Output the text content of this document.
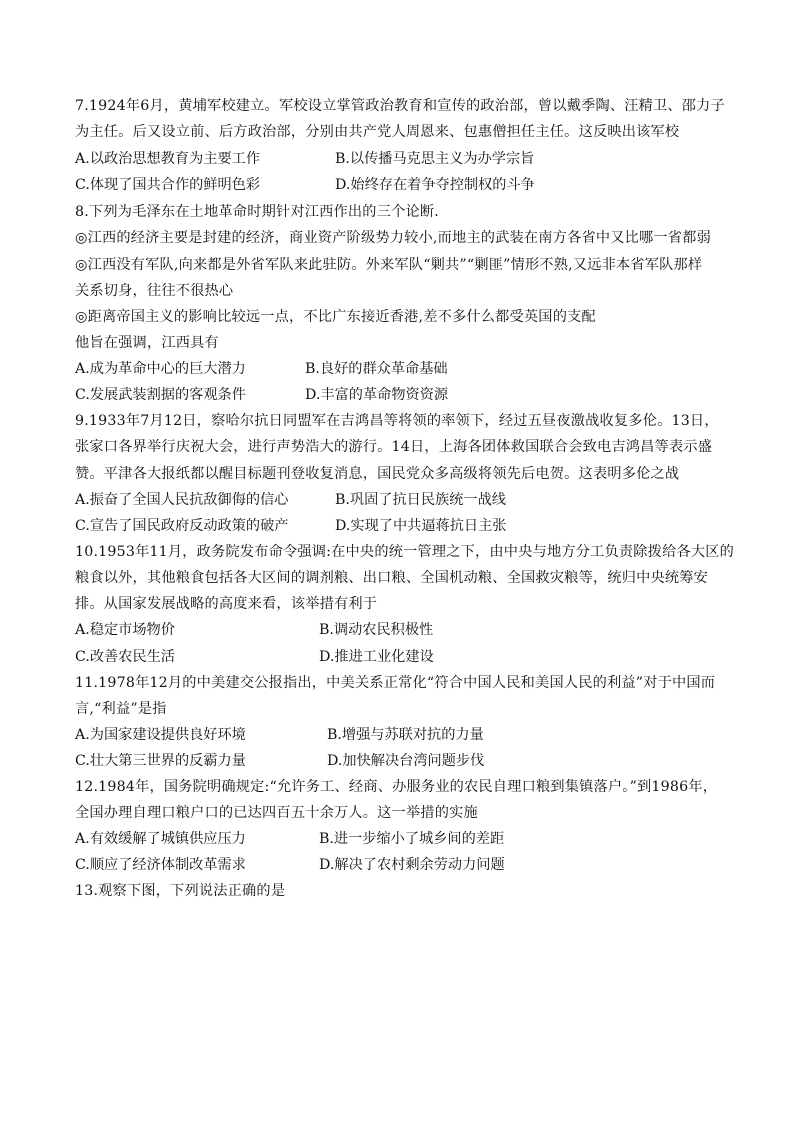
7.1924年6月，黄埔军校建立。军校设立掌管政治教育和宣传的政治部，曾以戴季陶、汪精卫、邵力子
为主任。后又设立前、后方政治部，分别由共产党人周恩来、包惠僧担任主任。这反映出该军校
A.以政治思想教育为主要工作	B.以传播马克思主义为办学宗旨
C.体现了国共合作的鲜明色彩	D.始终存在着争夺控制权的斗争
8.下列为毛泽东在土地革命时期针对江西作出的三个论断.
◎江西的经济主要是封建的经济，商业资产阶级势力较小,而地主的武装在南方各省中又比哪一省都弱
◎江西没有军队,向来都是外省军队来此驻防。外来军队“剿共”“剿匪”情形不熟,又远非本省军队那样
关系切身，往往不很热心
◎距离帝国主义的影响比较远一点，不比广东接近香港,差不多什么都受英国的支配
他旨在强调，江西具有
A.成为革命中心的巨大潜力	B.良好的群众革命基础
C.发展武装割据的客观条件	D.丰富的革命物资资源
9.1933年7月12日，察哈尔抗日同盟军在吉鸿昌等将领的率领下，经过五昼夜激战收复多伦。13日，
张家口各界举行庆祝大会，进行声势浩大的游行。14日，上海各团体救国联合会致电吉鸿昌等表示盛
赞。平津各大报纸都以醒目标题刊登收复消息，国民党众多高级将领先后电贺。这表明多伦之战
A.振奋了全国人民抗敌御侮的信心	B.巩固了抗日民族统一战线
C.宣告了国民政府反动政策的破产	D.实现了中共逼蒋抗日主张
10.1953年11月，政务院发布命令强调:在中央的统一管理之下，由中央与地方分工负责除拨给各大区的
粮食以外，其他粮食包括各大区间的调剂粮、出口粮、全国机动粮、全国救灾粮等，统归中央统筹安
排。从国家发展战略的高度来看，该举措有利于
A.稳定市场物价	B.调动农民积极性
C.改善农民生活	D.推进工业化建设
11.1978年12月的中美建交公报指出，中美关系正常化“符合中国人民和美国人民的利益”对于中国而
言,“利益”是指
A.为国家建设提供良好环境	B.增强与苏联对抗的力量
C.壮大第三世界的反霸力量	D.加快解决台湾问题步伐
12.1984年，国务院明确规定:“允许务工、经商、办服务业的农民自理口粮到集镇落户。”到1986年，
全国办理自理口粮户口的已达四百五十余万人。这一举措的实施
A.有效缓解了城镇供应压力	B.进一步缩小了城乡间的差距
C.顺应了经济体制改革需求	D.解决了农村剩余劳动力问题
13.观察下图，下列说法正确的是
